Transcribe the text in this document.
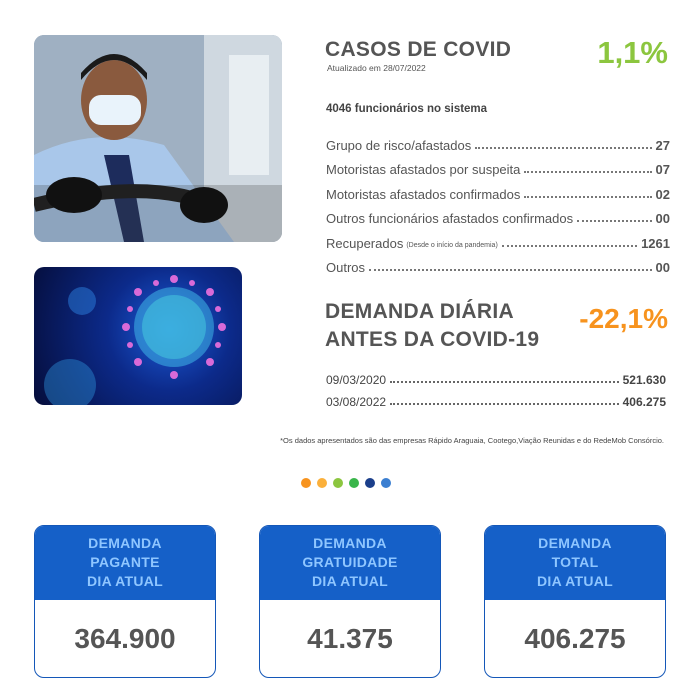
CASOS DE COVID
Atualizado em 28/07/2022	1,1%
4046 funcionários no sistema
Grupo de risco/afastados	27
Motoristas afastados por suspeita	07
Motoristas afastados confirmados	02
Outros funcionários afastados confirmados	00
Recuperados (Desde o início da pandemia)	1261
Outros	00
DEMANDA DIÁRIA
ANTES DA COVID-19
-22,1%
09/03/2020	521.630
03/08/2022	406.275
*Os dados apresentados são das empresas Rápido Araguaia, Cootego,Viação Reunidas e do RedeMob Consórcio.
DEMANDA
PAGANTE
DIA ATUAL
364.900
DEMANDA
GRATUIDADE
DIA ATUAL
41.375
DEMANDA
TOTAL
DIA ATUAL
406.275
